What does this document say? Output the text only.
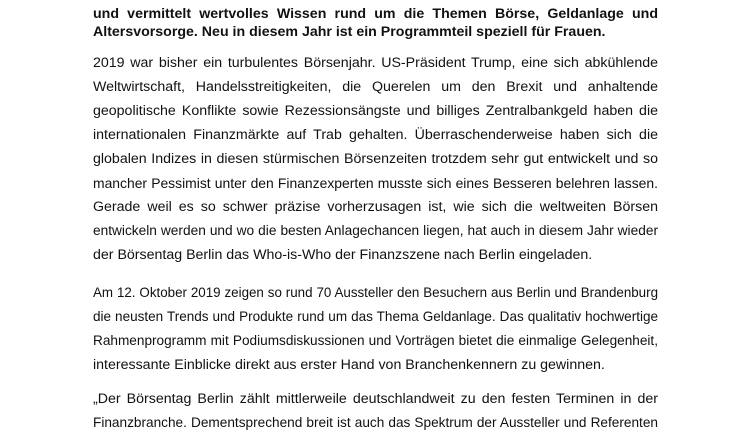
und vermittelt wertvolles Wissen rund um die Themen Börse, Geldanlage und
Altersvorsorge. Neu in diesem Jahr ist ein Programmteil speziell für Frauen.
2019 war bisher ein turbulentes Börsenjahr. US-Präsident Trump, eine sich abkühlende
Weltwirtschaft, Handelsstreitigkeiten, die Querelen um den Brexit und anhaltende
geopolitische Konflikte sowie Rezessionsängste und billiges Zentralbankgeld haben die
internationalen Finanzmärkte auf Trab gehalten. Überraschenderweise haben sich die
globalen Indizes in diesen stürmischen Börsenzeiten trotzdem sehr gut entwickelt und so
mancher Pessimist unter den Finanzexperten musste sich eines Besseren belehren lassen.
Gerade weil es so schwer präzise vorherzusagen ist, wie sich die weltweiten Börsen
entwickeln werden und wo die besten Anlagechancen liegen, hat auch in diesem Jahr wieder
der Börsentag Berlin das Who-is-Who der Finanzszene nach Berlin eingeladen.
Am 12. Oktober 2019 zeigen so rund 70 Aussteller den Besuchern aus Berlin und Brandenburg
die neusten Trends und Produkte rund um das Thema Geldanlage. Das qualitativ hochwertige
Rahmenprogramm mit Podiumsdiskussionen und Vorträgen bietet die einmalige Gelegenheit,
interessante Einblicke direkt aus erster Hand von Branchenkennern zu gewinnen.
„Der Börsentag Berlin zählt mittlerweile deutschlandweit zu den festen Terminen in der
Finanzbranche. Dementsprechend breit ist auch das Spektrum der Aussteller und Referenten
